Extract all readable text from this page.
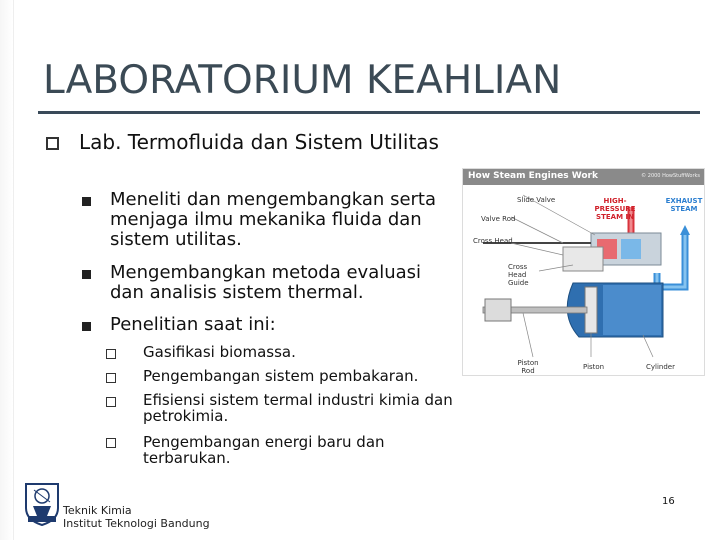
LABORATORIUM KEAHLIAN
Lab. Termofluida dan Sistem Utilitas
Meneliti dan mengembangkan serta menjaga ilmu mekanika fluida dan sistem utilitas.
Mengembangkan metoda evaluasi dan analisis sistem thermal.
Penelitian saat ini:
Gasifikasi biomassa.
Pengembangan sistem pembakaran.
Efisiensi sistem termal industri kimia dan petrokimia.
Pengembangan energi baru dan terbarukan.
How Steam Engines Work	© 2000 HowStuffWorks
Slide Valve
Valve Rod
Cross Head
Cross Head Guide
HIGH-PRESSURE STEAM IN
EXHAUST STEAM
Piston Rod	Piston	Cylinder
Teknik Kimia
Institut Teknologi Bandung
16
